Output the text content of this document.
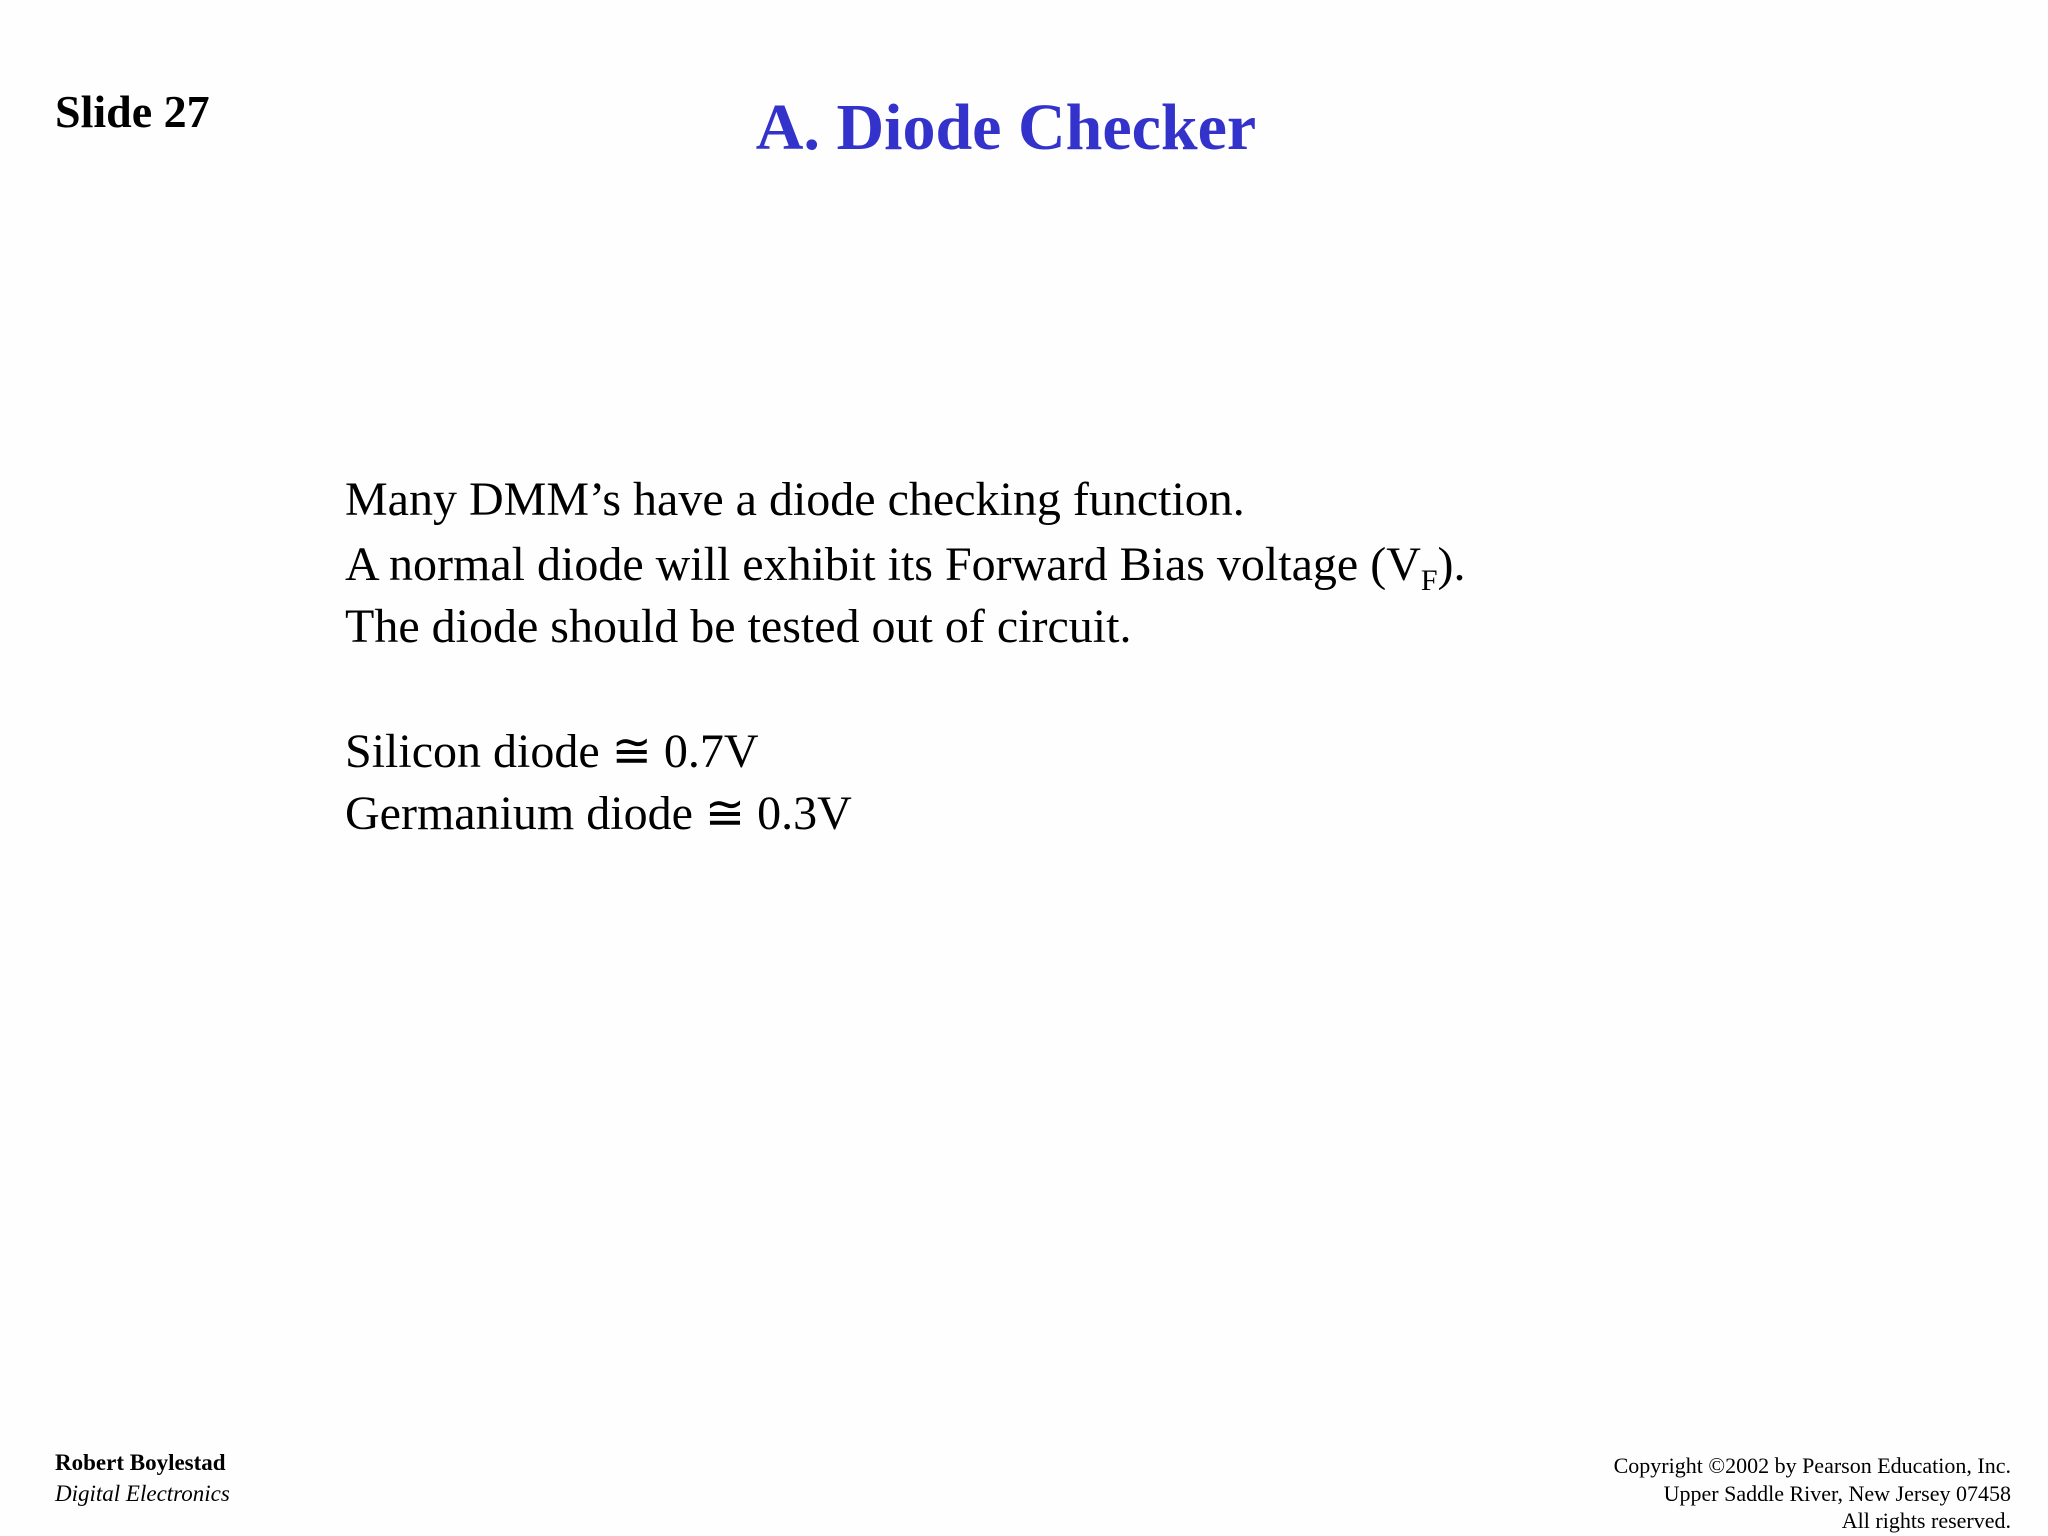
Slide 27	A. Diode Checker
Many DMM’s have a diode checking function.
A normal diode will exhibit its Forward Bias voltage $(V_F)$.
The diode should be tested out of circuit.
Silicon diode ≅ 0.7V
Germanium diode ≅ 0.3V
Robert Boylestad
Digital Electronics
Copyright ©2002 by Pearson Education, Inc.
Upper Saddle River, New Jersey 07458
All rights reserved.
